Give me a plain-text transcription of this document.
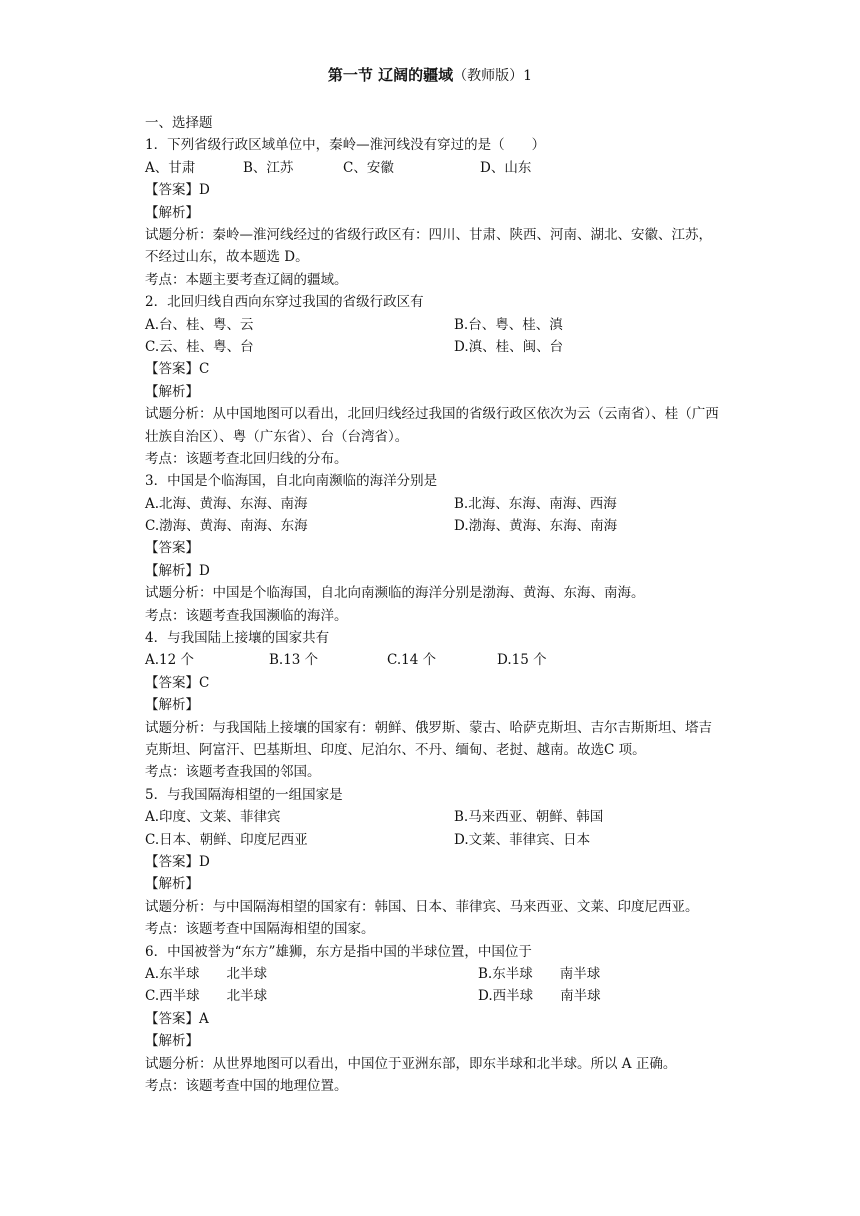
第一节 辽阔的疆域（教师版）1
一、选择题
1．下列省级行政区域单位中，秦岭—淮河线没有穿过的是（　　）
A、甘肃	B、江苏	C、安徽	D、山东
【答案】D
【解析】
试题分析：秦岭—淮河线经过的省级行政区有：四川、甘肃、陕西、河南、湖北、安徽、江苏，不经过山东，故本题选 D。
考点：本题主要考查辽阔的疆域。
2．北回归线自西向东穿过我国的省级行政区有
A.台、桂、粤、云	B.台、粤、桂、滇
C.云、桂、粤、台	D.滇、桂、闽、台
【答案】C
【解析】
试题分析：从中国地图可以看出，北回归线经过我国的省级行政区依次为云（云南省）、桂（广西壮族自治区）、粤（广东省）、台（台湾省）。
考点：该题考查北回归线的分布。
3．中国是个临海国，自北向南濒临的海洋分别是
A.北海、黄海、东海、南海	B.北海、东海、南海、西海
C.渤海、黄海、南海、东海	D.渤海、黄海、东海、南海
【答案】
【解析】D
试题分析：中国是个临海国，自北向南濒临的海洋分别是渤海、黄海、东海、南海。
考点：该题考查我国濒临的海洋。
4．与我国陆上接壤的国家共有
A.12 个	B.13 个	C.14 个	D.15 个
【答案】C
【解析】
试题分析：与我国陆上接壤的国家有：朝鲜、俄罗斯、蒙古、哈萨克斯坦、吉尔吉斯斯坦、塔吉克斯坦、阿富汗、巴基斯坦、印度、尼泊尔、不丹、缅甸、老挝、越南。故选C 项。
考点：该题考查我国的邻国。
5．与我国隔海相望的一组国家是
A.印度、文莱、菲律宾	B.马来西亚、朝鲜、韩国
C.日本、朝鲜、印度尼西亚	D.文莱、菲律宾、日本
【答案】D
【解析】
试题分析：与中国隔海相望的国家有：韩国、日本、菲律宾、马来西亚、文莱、印度尼西亚。
考点：该题考查中国隔海相望的国家。
6．中国被誉为“东方”雄狮，东方是指中国的半球位置，中国位于
A.东半球　　北半球	B.东半球　　南半球
C.西半球　　北半球	D.西半球　　南半球
【答案】A
【解析】
试题分析：从世界地图可以看出，中国位于亚洲东部，即东半球和北半球。所以 A 正确。
考点：该题考查中国的地理位置。
